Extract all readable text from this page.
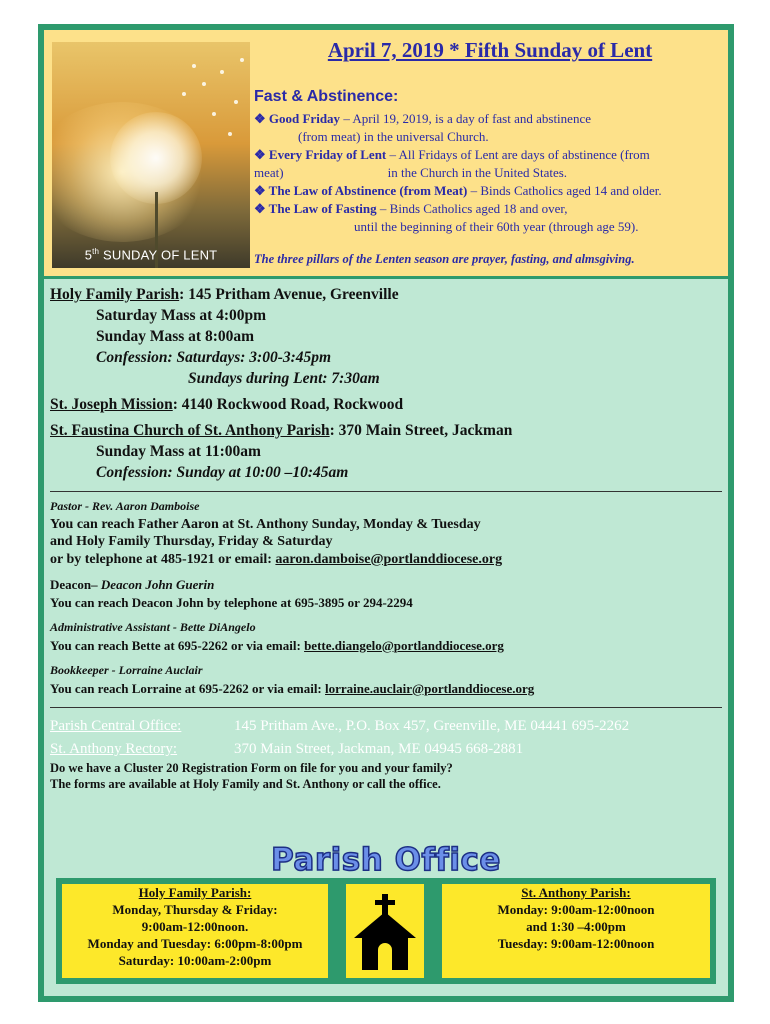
5th SUNDAY OF LENT
April 7, 2019 * Fifth Sunday of Lent
Fast & Abstinence:
❖ Good Friday – April 19, 2019, is a day of fast and abstinence
(from meat) in the universal Church.
❖ Every Friday of Lent – All Fridays of Lent are days of abstinence (from
meat)	in the Church in the United States.
❖ The Law of Abstinence (from Meat) – Binds Catholics aged 14 and older.
❖ The Law of Fasting – Binds Catholics aged 18 and over,
until the beginning of their 60th year (through age 59).
The three pillars of the Lenten season are prayer, fasting, and almsgiving.
Holy Family Parish: 145 Pritham Avenue, Greenville
Saturday Mass at 4:00pm
Sunday Mass at 8:00am
Confession: Saturdays: 3:00-3:45pm
Sundays during Lent: 7:30am
St. Joseph Mission: 4140 Rockwood Road, Rockwood
St. Faustina Church of St. Anthony Parish: 370 Main Street, Jackman
Sunday Mass at 11:00am
Confession: Sunday at 10:00 –10:45am
Pastor - Rev. Aaron Damboise
You can reach Father Aaron at St. Anthony Sunday, Monday & Tuesday
and Holy Family Thursday, Friday & Saturday
or by telephone at 485-1921 or email: aaron.damboise@portlanddiocese.org
Deacon– Deacon John Guerin
You can reach Deacon John by telephone at 695-3895 or 294-2294
Administrative Assistant - Bette DiAngelo
You can reach Bette at 695-2262 or via email: bette.diangelo@portlanddiocese.org
Bookkeeper - Lorraine Auclair
You can reach Lorraine at 695-2262 or via email: lorraine.auclair@portlanddiocese.org
Parish Central Office:	145 Pritham Ave., P.O. Box 457, Greenville, ME 04441 695-2262
St. Anthony Rectory:	370 Main Street, Jackman, ME 04945 668-2881
Do we have a Cluster 20 Registration Form on file for you and your family?
The forms are available at Holy Family and St. Anthony or call the office.
Parish Office
Holy Family Parish:
Monday, Thursday & Friday:
9:00am-12:00noon.
Monday and Tuesday: 6:00pm-8:00pm
Saturday: 10:00am-2:00pm
St. Anthony Parish:
Monday: 9:00am-12:00noon
and 1:30 –4:00pm
Tuesday: 9:00am-12:00noon
